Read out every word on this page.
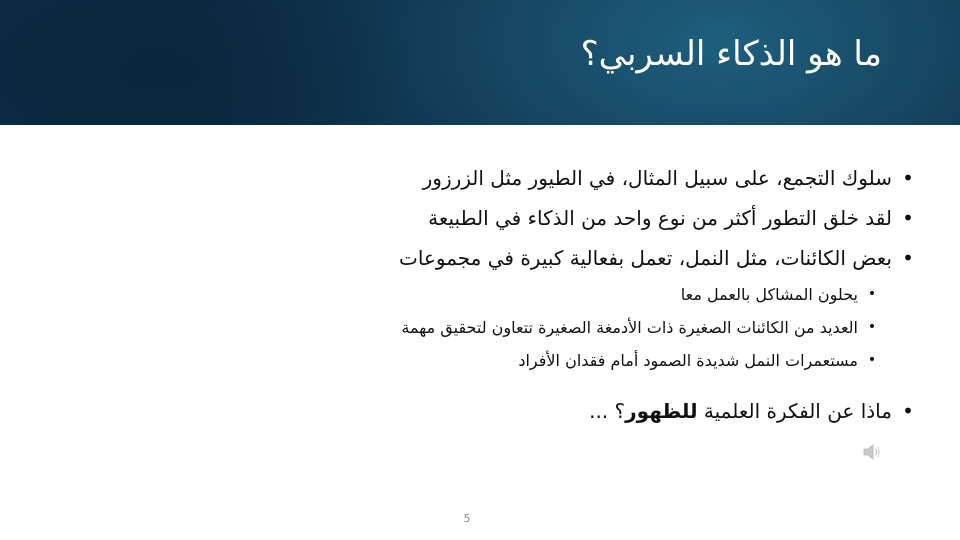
ما هو الذكاء السربي؟
•
سلوك التجمع، على سبيل المثال، في الطيور مثل الزرزور
•
لقد خلق التطور أكثر من نوع واحد من الذكاء في الطبيعة
•
بعض الكائنات، مثل النمل، تعمل بفعالية كبيرة في مجموعات
•
يحلون المشاكل بالعمل معا
•
العديد من الكائنات الصغيرة ذات الأدمغة الصغيرة تتعاون لتحقيق مهمة
•
مستعمرات النمل شديدة الصمود أمام فقدان الأفراد
•
ماذا عن الفكرة العلمية للظهور؟ ...
5
